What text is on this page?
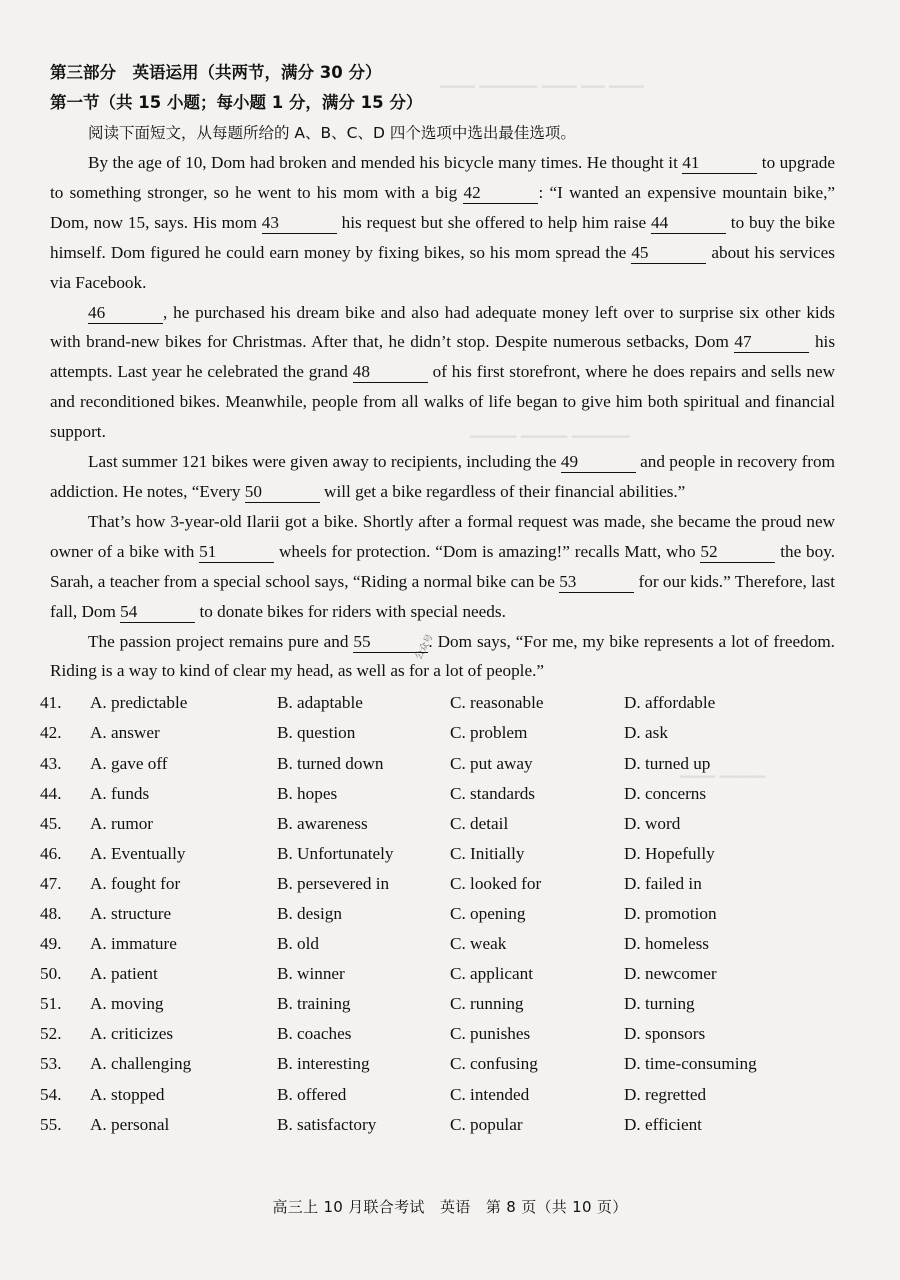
▁▁▁ ▁▁▁▁▁ ▁▁▁ ▁▁ ▁▁▁
▁▁▁▁ ▁▁▁▁ ▁▁▁▁▁
▁▁▁ ▁▁▁▁
第三部分　英语运用（共两节，满分 30 分）
第一节（共 15 小题；每小题 1 分，满分 15 分）
阅读下面短文，从每题所给的 A、B、C、D 四个选项中选出最佳选项。
By the age of 10, Dom had broken and mended his bicycle many times. He thought it 41	to upgrade to something stronger, so he went to his mom with a big 42	: “I wanted an expensive mountain bike,” Dom, now 15, says. His mom 43	his request but she offered to help him raise 44	to buy the bike himself. Dom figured he could earn money by fixing bikes, so his mom spread the 45	about his services via Facebook.
46	, he purchased his dream bike and also had adequate money left over to surprise six other kids with brand-new bikes for Christmas. After that, he didn’t stop. Despite numerous setbacks, Dom 47	his attempts. Last year he celebrated the grand 48	of his first storefront, where he does repairs and sells new and reconditioned bikes. Meanwhile, people from all walks of life began to give him both spiritual and financial support.
Last summer 121 bikes were given away to recipients, including the 49	and people in recovery from addiction. He notes, “Every 50	will get a bike regardless of their financial abilities.”
That’s how 3-year-old Ilarii got a bike. Shortly after a formal request was made, she became the proud new owner of a bike with 51	wheels for protection. “Dom is amazing!” recalls Matt, who 52	the boy. Sarah, a teacher from a special school says, “Riding a normal bike can be 53	for our kids.” Therefore, last fall, Dom 54	to donate bikes for riders with special needs.
The passion project remains pure and 55	. Dom says, “For me, my bike represents a lot of freedom. Riding is a way to kind of clear my head, as well as for a lot of people.”
41. A. predictable	B. adaptable	C. reasonable	D. affordable
42. A. answer	B. question	C. problem	D. ask
43. A. gave off	B. turned down	C. put away	D. turned up
44. A. funds	B. hopes	C. standards	D. concerns
45. A. rumor	B. awareness	C. detail	D. word
46. A. Eventually	B. Unfortunately	C. Initially	D. Hopefully
47. A. fought for	B. persevered in	C. looked for	D. failed in
48. A. structure	B. design	C. opening	D. promotion
49. A. immature	B. old	C. weak	D. homeless
50. A. patient	B. winner	C. applicant	D. newcomer
51. A. moving	B. training	C. running	D. turning
52. A. criticizes	B. coaches	C. punishes	D. sponsors
53. A. challenging	B. interesting	C. confusing	D. time-consuming
54. A. stopped	B. offered	C. intended	D. regretted
55. A. personal	B. satisfactory	C. popular	D. efficient
公众号
高三上 10 月联合考试　英语　第 8 页（共 10 页）
